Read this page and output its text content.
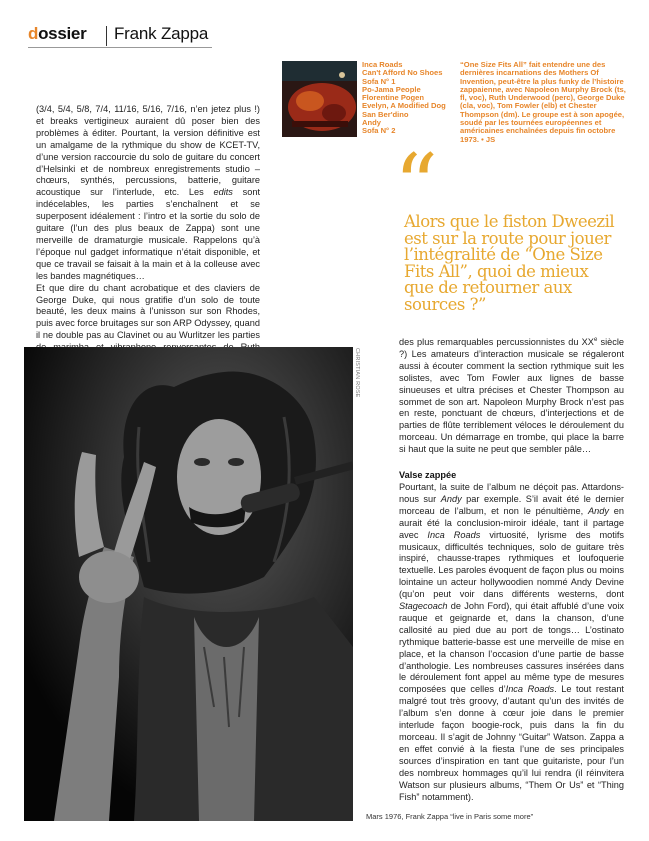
dossier Frank Zappa
Inca Roads
Can't Afford No Shoes
Sofa N° 1
Po-Jama People
Florentine Pogen
Evelyn, A Modified Dog
San Ber'dino
Andy
Sofa N° 2
“One Size Fits All” fait entendre une des dernières incarnations des Mothers Of Invention, peut-être la plus funky de l’histoire zappaienne, avec Napoleon Murphy Brock (ts, fl, voc), Ruth Underwood (perc), George Duke (cla, voc), Tom Fowler (elb) et Chester Thompson (dm). Le groupe est à son apogée, soudé par les tournées européennes et américaines enchaînées depuis fin octobre 1973. • JS

(3/4, 5/4, 5/8, 7/4, 11/16, 5/16, 7/16, n’en jetez plus !) et breaks vertigineux auraient dû poser bien des problèmes à éditer. Pourtant, la version définitive est un amalgame de la rythmique du show de KCET-TV, d’une version raccourcie du solo de guitare du concert d’Helsinki et de nombreux enregistrements studio – chœurs, synthés, percussions, batterie, guitare acoustique sur l’interlude, etc. Les edits sont indécelables, les parties s’enchaînent et se superposent idéalement : l’intro et la sortie du solo de guitare (l’un des plus beaux de Zappa) sont une merveille de dramaturgie musicale. Rappelons qu’à l’époque nul gadget informatique n’était disponible, et que ce travail se faisait à la main et à la colleuse avec les bandes magnétiques…

Et que dire du chant acrobatique et des claviers de George Duke, qui nous gratifie d’un solo de toute beauté, les deux mains à l’unisson sur son Rhodes, puis avec force bruitages sur son ARP Odyssey, quand il ne double pas au Clavinet ou au Wurlitzer les parties

“
Alors que le fiston Dweezil est sur la route pour jouer l’intégralité de “One Size Fits All”, quoi de mieux que de retourner aux sources ?”
CHRISTIAN ROSE
Mars 1976, Frank Zappa “live in Paris some more”

des plus remarquables percussionnistes du XXe siècle ?) Les amateurs d’interaction musicale se régaleront aussi à écouter comment la section rythmique suit les solistes, avec Tom Fowler aux lignes de basse sinueuses et ultra précises et Chester Thompson au sommet de son art. Napoleon Murphy Brock n’est pas en reste, ponctuant de chœurs, d’interjections et de parties de flûte terriblement véloces le déroulement du morceau. Un démarrage en trombe, qui place la barre si haut que la suite ne peut que sembler pâle…

Valse zappée

Pourtant, la suite de l’album ne déçoit pas. Attardons-nous sur Andy par exemple. S’il avait été le dernier morceau de l’album, et non le pénultième, Andy en aurait été la conclusion-miroir idéale, tant il partage avec Inca Roads virtuosité, lyrisme des motifs musicaux, difficultés techniques, solo de guitare très inspiré, chausse-trapes rythmiques et loufoquerie textuelle. Les paroles évoquent de façon plus ou moins lointaine un acteur hollywoodien nommé Andy Devine (qu’on peut voir dans différents westerns, dont Stagecoach de John Ford), qui était affublé d’une voix rauque et geignarde et, dans la chanson, d’une callosité au pied due au port de tongs… L’ostinato rythmique batterie-basse est une merveille de mise en place, et la chanson l’occasion d’une partie de basse d’anthologie. Les nombreuses cassures insérées dans le déroulement font appel au même type de mesures composées que celles d’Inca Roads. Le tout restant malgré tout très groovy, d’autant qu’un des invités de l’album s’en donne à cœur joie dans le premier interlude façon boogie-rock, puis dans la fin du morceau. Il s’agit de Johnny “Guitar” Watson. Zappa a en effet convié à la fiesta l’une de ses principales sources d’inspiration en tant que guitariste, pour l’un des nombreux hommages qu’il lui rendra (il réinvitera Watson sur plusieurs albums, “Them Or Us” et “Thing Fish” notamment).
